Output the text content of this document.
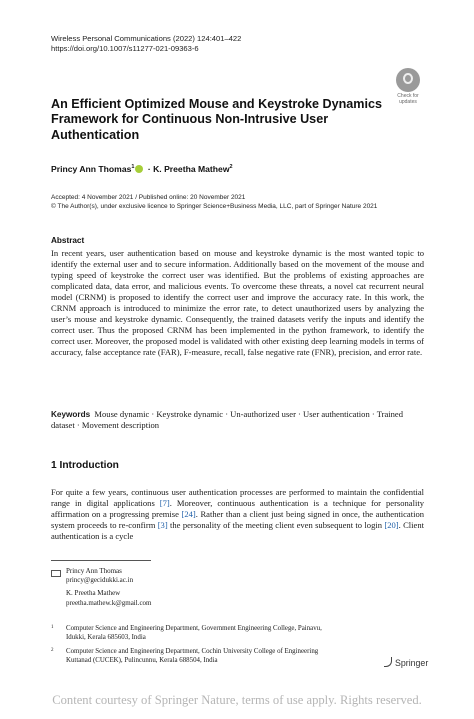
Wireless Personal Communications (2022) 124:401–422
https://doi.org/10.1007/s11277-021-09363-6
Check for
updates
An Efficient Optimized Mouse and Keystroke Dynamics
Framework for Continuous Non‑Intrusive User
Authentication
Princy Ann Thomas$^1$ · K. Preetha Mathew$^2$
Accepted: 4 November 2021 / Published online: 20 November 2021
© The Author(s), under exclusive licence to Springer Science+Business Media, LLC, part of Springer Nature 2021
Abstract
In recent years, user authentication based on mouse and keystroke dynamic is the most wanted topic to identify the external user and to secure information. Additionally based on the movement of the mouse and typing speed of keystroke the correct user was identified. But the problems of existing approaches are complicated data, data error, and malicious events. To overcome these threats, a novel cat recurrent neural model (CRNM) is proposed to identify the correct user and improve the accuracy rate. In this work, the CRNM approach is introduced to minimize the error rate, to detect unauthorized users by analyzing the user’s mouse and keystroke dynamic. Consequently, the trained datasets verify the inputs and identify the correct user. Thus the proposed CRNM has been implemented in the python framework, to identify the correct user. Moreover, the proposed model is validated with other existing deep learning models in terms of accuracy, false acceptance rate (FAR), F-measure, recall, false negative rate (FNR), precision, and error rate.
Keywords Mouse dynamic · Keystroke dynamic · Un-authorized user · User authentication · Trained dataset · Movement description
1 Introduction
For quite a few years, continuous user authentication processes are performed to maintain the confidential range in digital applications [7]. Moreover, continuous authentication is a technique for personality affirmation on a progressing premise [24]. Rather than a client just being signed in once, the authentication system proceeds to re-confirm [3] the personality of the meeting client even subsequent to login [20]. Client authentication is a cycle
Princy Ann Thomas
princy@gecidukki.ac.in
K. Preetha Mathew
preetha.mathew.k@gmail.com
1 Computer Science and Engineering Department, Government Engineering College, Painavu,
Idukki, Kerala 685603, India
2 Computer Science and Engineering Department, Cochin University College of Engineering
Kuttanad (CUCEK), Pulincunnu, Kerala 688504, India	Springer
Content courtesy of Springer Nature, terms of use apply. Rights reserved.
